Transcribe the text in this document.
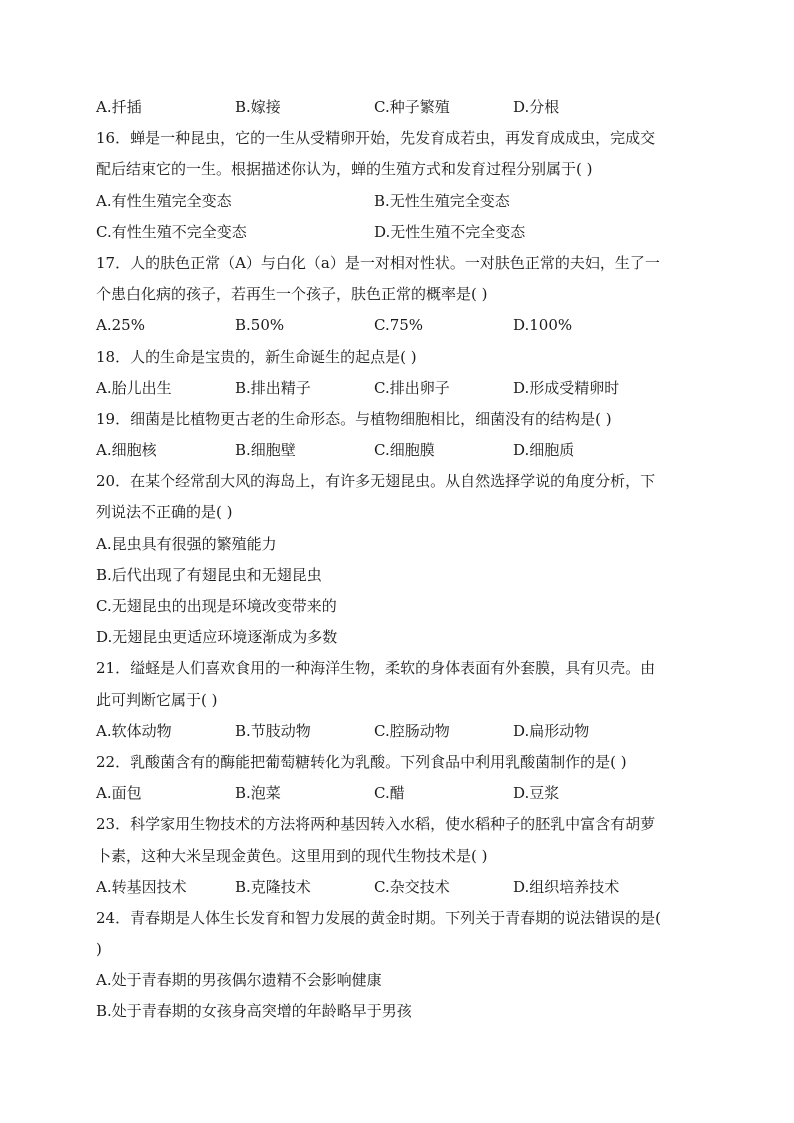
A.扦插	B.嫁接	C.种子繁殖	D.分根
16．蝉是一种昆虫，它的一生从受精卵开始，先发育成若虫，再发育成成虫，完成交
配后结束它的一生。根据描述你认为，蝉的生殖方式和发育过程分别属于( )
A.有性生殖完全变态	B.无性生殖完全变态
C.有性生殖不完全变态	D.无性生殖不完全变态
17．人的肤色正常（A）与白化（a）是一对相对性状。一对肤色正常的夫妇，生了一
个患白化病的孩子，若再生一个孩子，肤色正常的概率是( )
A.25%	B.50%	C.75%	D.100%
18．人的生命是宝贵的，新生命诞生的起点是( )
A.胎儿出生	B.排出精子	C.排出卵子	D.形成受精卵时
19．细菌是比植物更古老的生命形态。与植物细胞相比，细菌没有的结构是( )
A.细胞核	B.细胞壁	C.细胞膜	D.细胞质
20．在某个经常刮大风的海岛上，有许多无翅昆虫。从自然选择学说的角度分析，下
列说法不正确的是( )
A.昆虫具有很强的繁殖能力
B.后代出现了有翅昆虫和无翅昆虫
C.无翅昆虫的出现是环境改变带来的
D.无翅昆虫更适应环境逐渐成为多数
21．缢蛏是人们喜欢食用的一种海洋生物，柔软的身体表面有外套膜，具有贝壳。由
此可判断它属于( )
A.软体动物	B.节肢动物	C.腔肠动物	D.扁形动物
22．乳酸菌含有的酶能把葡萄糖转化为乳酸。下列食品中利用乳酸菌制作的是( )
A.面包	B.泡菜	C.醋	D.豆浆
23．科学家用生物技术的方法将两种基因转入水稻，使水稻种子的胚乳中富含有胡萝
卜素，这种大米呈现金黄色。这里用到的现代生物技术是( )
A.转基因技术	B.克隆技术	C.杂交技术	D.组织培养技术
24．青春期是人体生长发育和智力发展的黄金时期。下列关于青春期的说法错误的是(
)
A.处于青春期的男孩偶尔遗精不会影响健康
B.处于青春期的女孩身高突增的年龄略早于男孩
